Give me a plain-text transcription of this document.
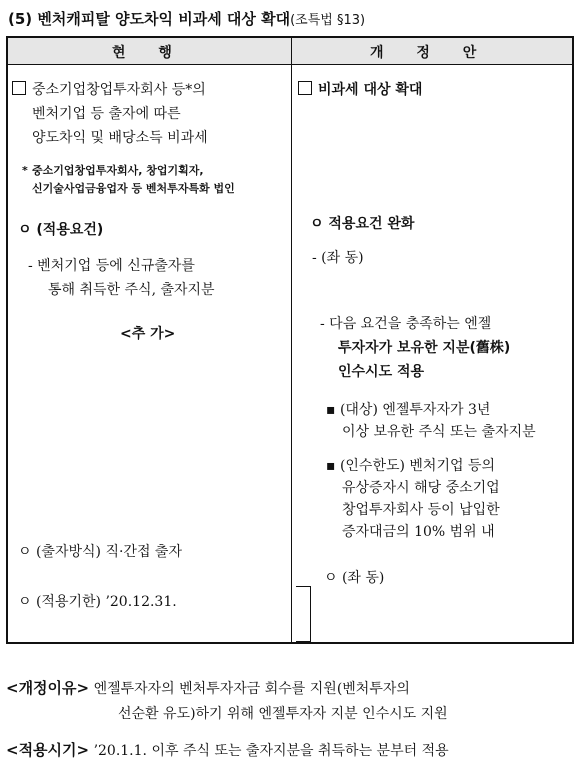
(5) 벤처캐피탈 양도차익 비과세 대상 확대(조특법 §13)
현 행	개 정 안
중소기업창업투자회사 등*의
벤처기업 등 출자에 따른
양도차익 및 배당소득 비과세
* 중소기업창업투자회사, 창업기획자,
신기술사업금융업자 등 벤처투자특화 법인
ㅇ (적용요건)
- 벤처기업 등에 신규출자를
통해 취득한 주식, 출자지분
<추 가>
ㅇ (출자방식) 직·간접 출자
ㅇ (적용기한) ’20.12.31.
비과세 대상 확대
ㅇ 적용요건 완화
- (좌 동)
- 다음 요건을 충족하는 엔젤
투자자가 보유한 지분(舊株)
인수시도 적용
▪ (대상) 엔젤투자자가 3년
이상 보유한 주식 또는 출자지분
▪ (인수한도) 벤처기업 등의
유상증자시 해당 중소기업
창업투자회사 등이 납입한
증자대금의 10% 범위 내
ㅇ (좌 동)
<개정이유> 엔젤투자자의 벤처투자자금 회수를 지원(벤처투자의
선순환 유도)하기 위해 엔젤투자자 지분 인수시도 지원
<적용시기> ’20.1.1. 이후 주식 또는 출자지분을 취득하는 분부터 적용
